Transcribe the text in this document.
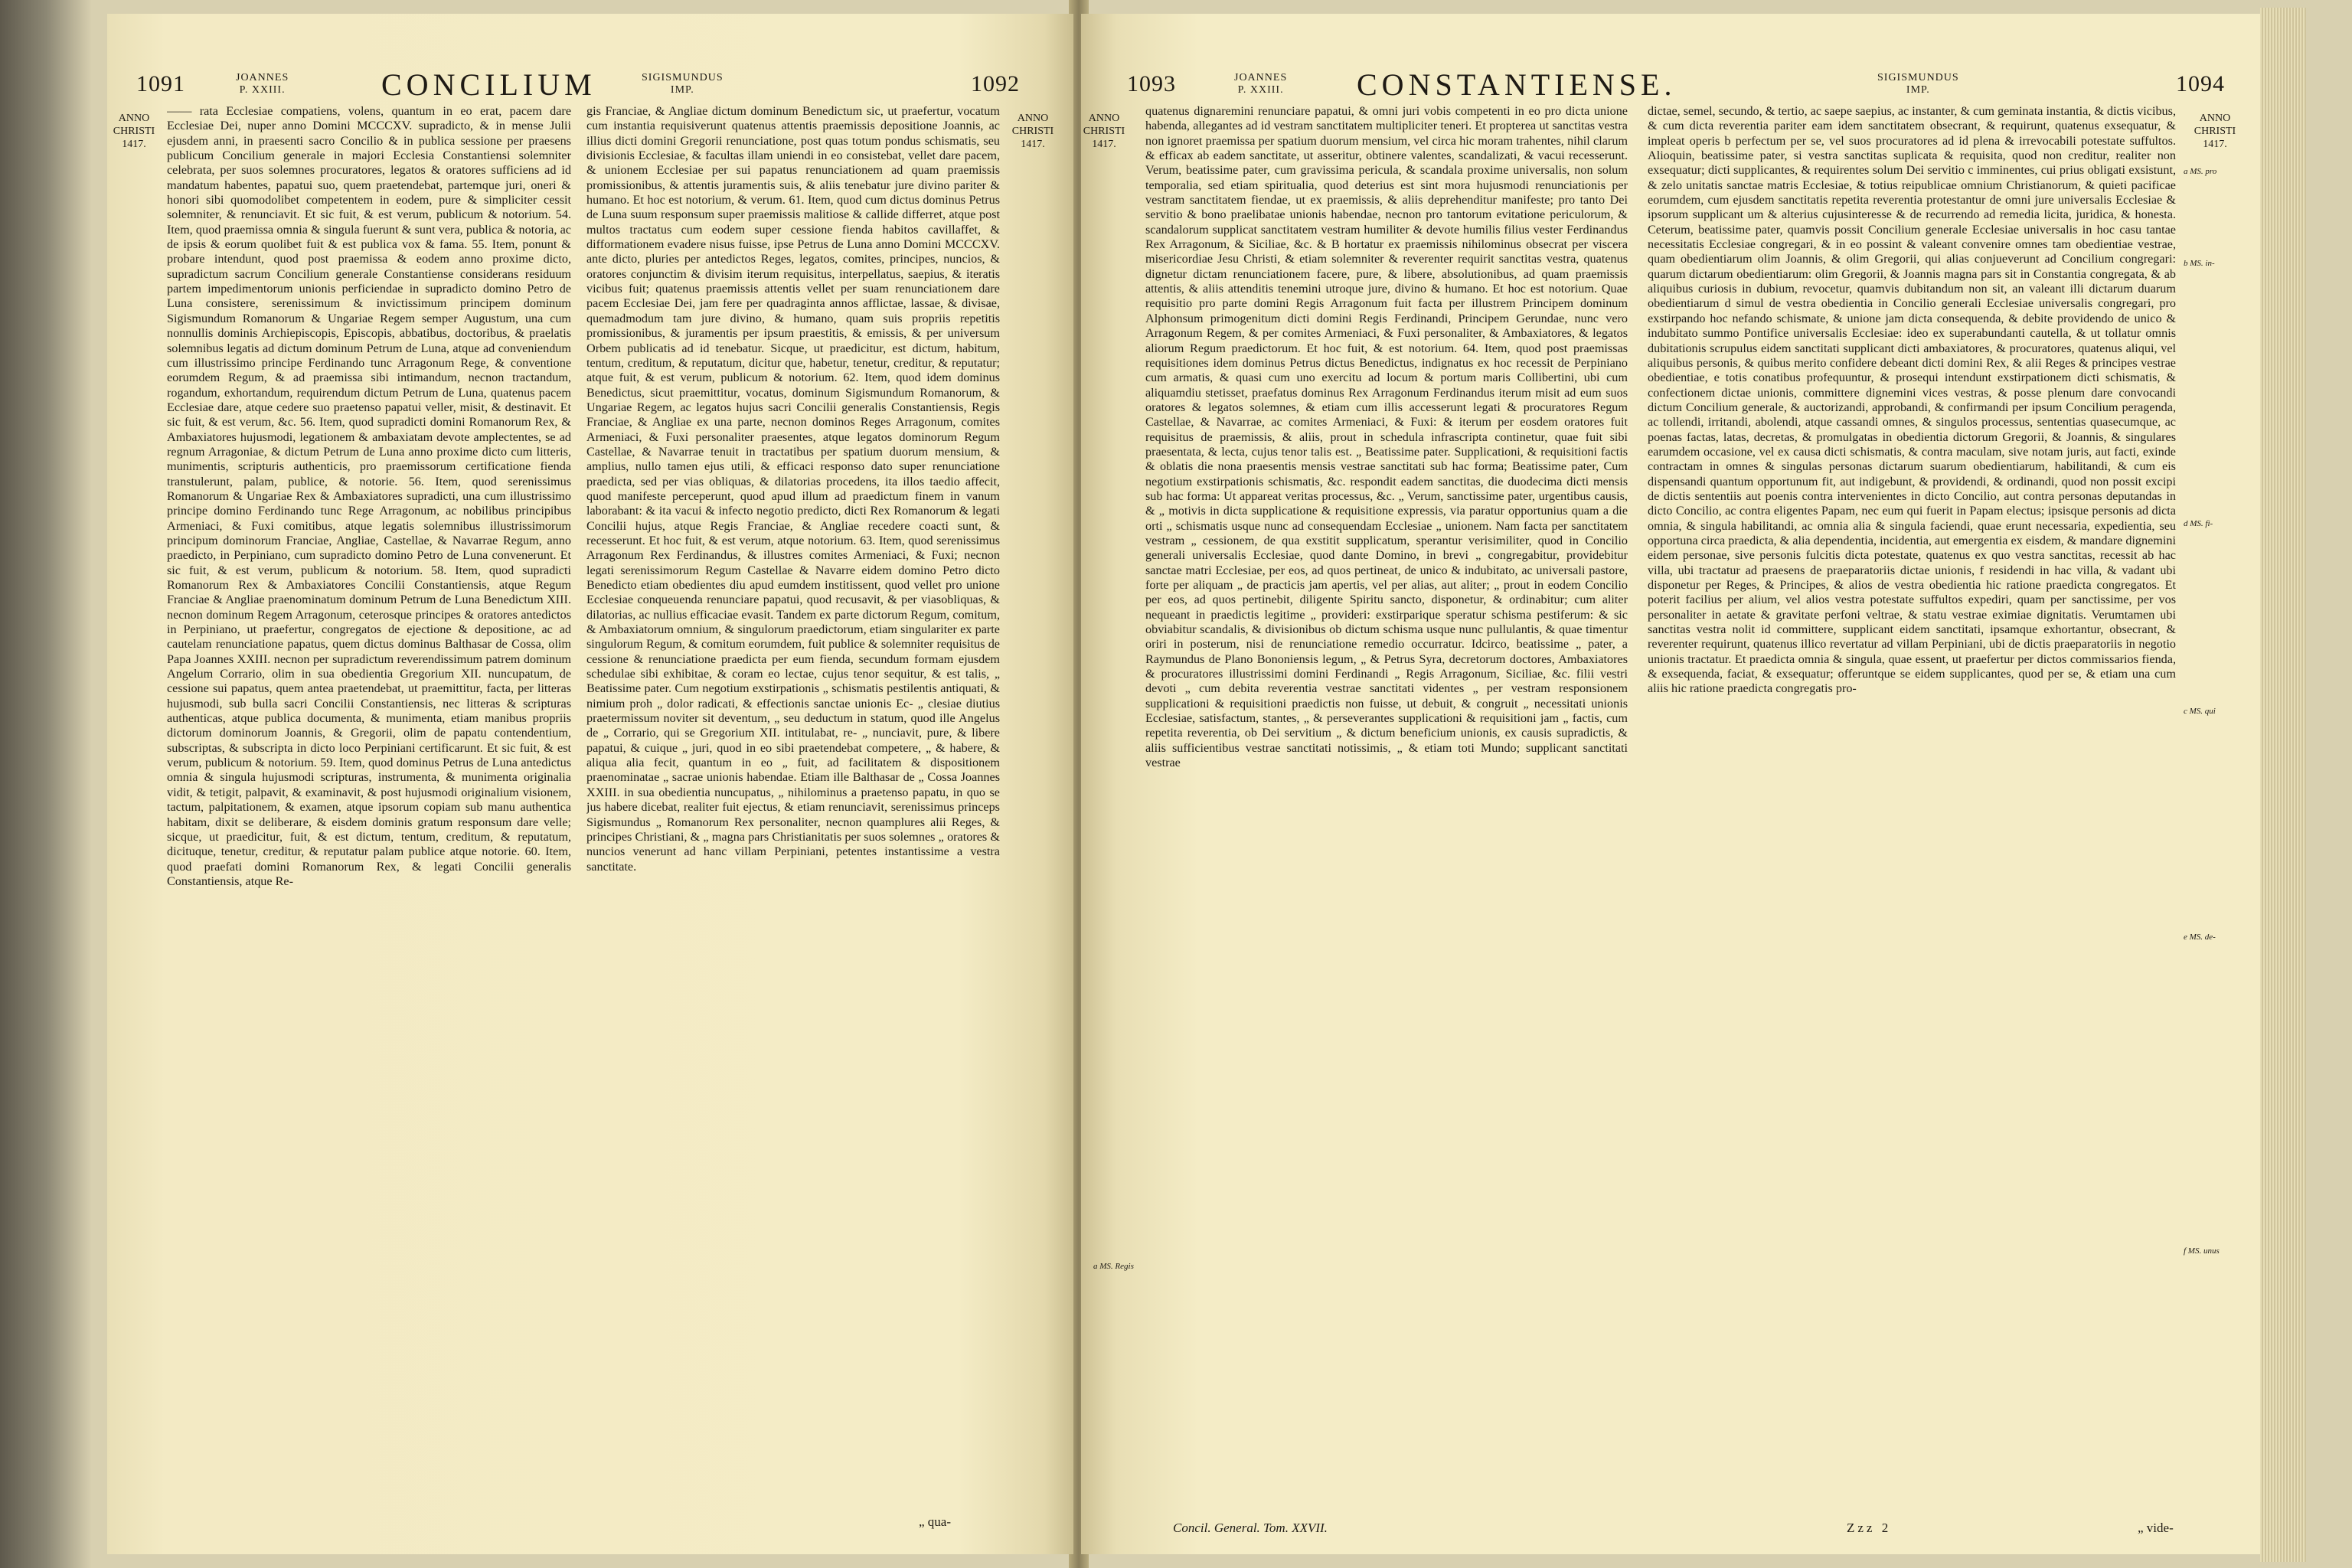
1091	JOANNES
P. XXIII.	CONCILIUM	SIGISMUNDUS
IMP.	1092
ANNO
CHRISTI
1417.
ANNO
CHRISTI
1417.
—— rata Ecclesiae compatiens, volens, quantum in eo erat, pacem dare Ecclesiae Dei, nuper anno Domini MCCCXV. supradicto, & in mense Julii ejusdem anni, in praesenti sacro Concilio & in publica sessione per praesens publicum Concilium generale in majori Ecclesia Constantiensi solemniter celebrata, per suos solemnes procuratores, legatos & oratores sufficiens ad id mandatum habentes, papatui suo, quem praetendebat, partemque juri, oneri & honori sibi quomodolibet competentem in eodem, pure & simpliciter cessit solemniter, & renunciavit. Et sic fuit, & est verum, publicum & notorium. 54. Item, quod praemissa omnia & singula fuerunt & sunt vera, publica & notoria, ac de ipsis & eorum quolibet fuit & est publica vox & fama. 55. Item, ponunt & probare intendunt, quod post praemissa & eodem anno proxime dicto, supradictum sacrum Concilium generale Constantiense considerans residuum partem impedimentorum unionis perficiendae in supradicto domino Petro de Luna consistere, serenissimum & invictissimum principem dominum Sigismundum Romanorum & Ungariae Regem semper Augustum, una cum nonnullis dominis Archiepiscopis, Episcopis, abbatibus, doctoribus, & praelatis solemnibus legatis ad dictum dominum Petrum de Luna, atque ad conveniendum cum illustrissimo principe Ferdinando tunc Arragonum Rege, & conventione eorumdem Regum, & ad praemissa sibi intimandum, necnon tractandum, rogandum, exhortandum, requirendum dictum Petrum de Luna, quatenus pacem Ecclesiae dare, atque cedere suo praetenso papatui veller, misit, & destinavit. Et sic fuit, & est verum, &c. 56. Item, quod supradicti domini Romanorum Rex, & Ambaxiatores hujusmodi, legationem & ambaxiatam devote amplectentes, se ad regnum Arragoniae, & dictum Petrum de Luna anno proxime dicto cum litteris, munimentis, scripturis authenticis, pro praemissorum certificatione fienda transtulerunt, palam, publice, & notorie. 56. Item, quod serenissimus Romanorum & Ungariae Rex & Ambaxiatores supradicti, una cum illustrissimo principe domino Ferdinando tunc Rege Arragonum, ac nobilibus principibus Armeniaci, & Fuxi comitibus, atque legatis solemnibus illustrissimorum principum dominorum Franciae, Angliae, Castellae, & Navarrae Regum, anno praedicto, in Perpiniano, cum supradicto domino Petro de Luna convenerunt. Et sic fuit, & est verum, publicum & notorium. 58. Item, quod supradicti Romanorum Rex & Ambaxiatores Concilii Constantiensis, atque Regum Franciae & Angliae praenominatum dominum Petrum de Luna Benedictum XIII. necnon dominum Regem Arragonum, ceterosque principes & oratores antedictos in Perpiniano, ut praefertur, congregatos de ejectione & depositione, ac ad cautelam renunciatione papatus, quem dictus dominus Balthasar de Cossa, olim Papa Joannes XXIII. necnon per supradictum reverendissimum patrem dominum Angelum Corrario, olim in sua obedientia Gregorium XII. nuncupatum, de cessione sui papatus, quem antea praetendebat, ut praemittitur, facta, per litteras hujusmodi, sub bulla sacri Concilii Constantiensis, nec litteras & scripturas authenticas, atque publica documenta, & munimenta, etiam manibus propriis dictorum dominorum Joannis, & Gregorii, olim de papatu contendentium, subscriptas, & subscripta in dicto loco Perpiniani certificarunt. Et sic fuit, & est verum, publicum & notorium. 59. Item, quod dominus Petrus de Luna antedictus omnia & singula hujusmodi scripturas, instrumenta, & munimenta originalia vidit, & tetigit, palpavit, & examinavit, & post hujusmodi originalium visionem, tactum, palpitationem, & examen, atque ipsorum copiam sub manu authentica habitam, dixit se deliberare, & eisdem dominis gratum responsum dare velle; sicque, ut praedicitur, fuit, & est dictum, tentum, creditum, & reputatum, dicituque, tenetur, creditur, & reputatur palam publice atque notorie. 60. Item, quod praefati domini Romanorum Rex, & legati Concilii generalis Constantiensis, atque Re-
gis Franciae, & Angliae dictum dominum Benedictum sic, ut praefertur, vocatum cum instantia requisiverunt quatenus attentis praemissis depositione Joannis, ac illius dicti domini Gregorii renunciatione, post quas totum pondus schismatis, seu divisionis Ecclesiae, & facultas illam uniendi in eo consistebat, vellet dare pacem, & unionem Ecclesiae per sui papatus renunciationem ad quam praemissis promissionibus, & attentis juramentis suis, & aliis tenebatur jure divino pariter & humano. Et hoc est notorium, & verum. 61. Item, quod cum dictus dominus Petrus de Luna suum responsum super praemissis malitiose & callide differret, atque post multos tractatus cum eodem super cessione fienda habitos cavillaffet, & difformationem evadere nisus fuisse, ipse Petrus de Luna anno Domini MCCCXV. ante dicto, pluries per antedictos Reges, legatos, comites, principes, nuncios, & oratores conjunctim & divisim iterum requisitus, interpellatus, saepius, & iteratis vicibus fuit; quatenus praemissis attentis vellet per suam renunciationem dare pacem Ecclesiae Dei, jam fere per quadraginta annos afflictae, lassae, & divisae, quemadmodum tam jure divino, & humano, quam suis propriis repetitis promissionibus, & juramentis per ipsum praestitis, & emissis, & per universum Orbem publicatis ad id tenebatur. Sicque, ut praedicitur, est dictum, habitum, tentum, creditum, & reputatum, dicitur que, habetur, tenetur, creditur, & reputatur; atque fuit, & est verum, publicum & notorium. 62. Item, quod idem dominus Benedictus, sicut praemittitur, vocatus, dominum Sigismundum Romanorum, & Ungariae Regem, ac legatos hujus sacri Concilii generalis Constantiensis, Regis Franciae, & Angliae ex una parte, necnon dominos Reges Arragonum, comites Armeniaci, & Fuxi personaliter praesentes, atque legatos dominorum Regum Castellae, & Navarrae tenuit in tractatibus per spatium duorum mensium, & amplius, nullo tamen ejus utili, & efficaci responso dato super renunciatione praedicta, sed per vias obliquas, & dilatorias procedens, ita illos taedio affecit, quod manifeste perceperunt, quod apud illum ad praedictum finem in vanum laborabant: & ita vacui & infecto negotio predicto, dicti Rex Romanorum & legati Concilii hujus, atque Regis Franciae, & Angliae recedere coacti sunt, & recesserunt. Et hoc fuit, & est verum, atque notorium. 63. Item, quod serenissimus Arragonum Rex Ferdinandus, & illustres comites Armeniaci, & Fuxi; necnon legati serenissimorum Regum Castellae & Navarre eidem domino Petro dicto Benedicto etiam obedientes diu apud eumdem institissent, quod vellet pro unione Ecclesiae conqueuenda renunciare papatui, quod recusavit, & per viasobliquas, & dilatorias, ac nullius efficaciae evasit. Tandem ex parte dictorum Regum, comitum, & Ambaxiatorum omnium, & singulorum praedictorum, etiam singulariter ex parte singulorum Regum, & comitum eorumdem, fuit publice & solemniter requisitus de cessione & renunciatione praedicta per eum fienda, secundum formam ejusdem schedulae sibi exhibitae, & coram eo lectae, cujus tenor sequitur, & est talis, „ Beatissime pater. Cum negotium exstirpationis „ schismatis pestilentis antiquati, & nimium proh „ dolor radicati, & effectionis sanctae unionis Ec- „ clesiae diutius praetermissum noviter sit deventum, „ seu deductum in statum, quod ille Angelus de „ Corrario, qui se Gregorium XII. intitulabat, re- „ nunciavit, pure, & libere papatui, & cuique „ juri, quod in eo sibi praetendebat competere, „ & habere, & aliqua alia fecit, quantum in eo „ fuit, ad facilitatem & dispositionem praenominatae „ sacrae unionis habendae. Etiam ille Balthasar de „ Cossa Joannes XXIII. in sua obedientia nuncupatus, „ nihilominus a praetenso papatu, in quo se jus habere dicebat, realiter fuit ejectus, & etiam renunciavit, serenissimus princeps Sigismundus „ Romanorum Rex personaliter, necnon quamplures alii Reges, & principes Christiani, & „ magna pars Christianitatis per suos solemnes „ oratores & nuncios venerunt ad hanc villam Perpiniani, petentes instantissime a vestra sanctitate.
„ qua-
1093	JOANNES
P. XXIII. CONSTANTIENSE.	SIGISMUNDUS
IMP.	1094
ANNO
CHRISTI
1417.
ANNO
CHRISTI
1417.
a MS. pro
b MS. in-
c MS. qui
d MS. fi-
e MS. de-
f MS. unus
a MS. Regis
quatenus dignaremini renunciare papatui, & omni juri vobis competenti in eo pro dicta unione habenda, allegantes ad id vestram sanctitatem multipliciter teneri. Et propterea ut sanctitas vestra non ignoret praemissa per spatium duorum mensium, vel circa hic moram trahentes, nihil clarum & efficax ab eadem sanctitate, ut asseritur, obtinere valentes, scandalizati, & vacui recesserunt. Verum, beatissime pater, cum gravissima pericula, & scandala proxime universalis, non solum temporalia, sed etiam spiritualia, quod deterius est sint mora hujusmodi renunciationis per vestram sanctitatem fiendae, ut ex praemissis, & aliis deprehenditur manifeste; pro tanto Dei servitio & bono praelibatae unionis habendae, necnon pro tantorum evitatione periculorum, & scandalorum supplicat sanctitatem vestram humiliter & devote humilis filius vester Ferdinandus Rex Arragonum, & Siciliae, &c. & B hortatur ex praemissis nihilominus obsecrat per viscera misericordiae Jesu Christi, & etiam solemniter & reverenter requirit sanctitas vestra, quatenus dignetur dictam renunciationem facere, pure, & libere, absolutionibus, ad quam praemissis attentis, & aliis attenditis tenemini utroque jure, divino & humano. Et hoc est notorium. Quae requisitio pro parte domini Regis Arragonum fuit facta per illustrem Principem dominum Alphonsum primogenitum dicti domini Regis Ferdinandi, Principem Gerundae, nunc vero Arragonum Regem, & per comites Armeniaci, & Fuxi personaliter, & Ambaxiatores, & legatos aliorum Regum praedictorum. Et hoc fuit, & est notorium. 64. Item, quod post praemissas requisitiones idem dominus Petrus dictus Benedictus, indignatus ex hoc recessit de Perpiniano cum armatis, & quasi cum uno exercitu ad locum & portum maris Collibertini, ubi cum aliquamdiu stetisset, praefatus dominus Rex Arragonum Ferdinandus iterum misit ad eum suos oratores & legatos solemnes, & etiam cum illis accesserunt legati & procuratores Regum Castellae, & Navarrae, ac comites Armeniaci, & Fuxi: & iterum per eosdem oratores fuit requisitus de praemissis, & aliis, prout in schedula infrascripta continetur, quae fuit sibi praesentata, & lecta, cujus tenor talis est. „ Beatissime pater. Supplicationi, & requisitioni factis & oblatis die nona praesentis mensis vestrae sanctitati sub hac forma; Beatissime pater, Cum negotium exstirpationis schismatis, &c. respondit eadem sanctitas, die duodecima dicti mensis sub hac forma: Ut appareat veritas processus, &c. „ Verum, sanctissime pater, urgentibus causis, & „ motivis in dicta supplicatione & requisitione expressis, via paratur opportunius quam a die orti „ schismatis usque nunc ad consequendam Ecclesiae „ unionem. Nam facta per sanctitatem vestram „ cessionem, de qua exstitit supplicatum, sperantur verisimiliter, quod in Concilio generali universalis Ecclesiae, quod dante Domino, in brevi „ congregabitur, providebitur sanctae matri Ecclesiae, per eos, ad quos pertineat, de unico & indubitato, ac universali pastore, forte per aliquam „ de practicis jam apertis, vel per alias, aut aliter; „ prout in eodem Concilio per eos, ad quos pertinebit, diligente Spiritu sancto, disponetur, & ordinabitur; cum aliter nequeant in praedictis legitime „ provideri: exstirparique speratur schisma pestiferum: & sic obviabitur scandalis, & divisionibus ob dictum schisma usque nunc pullulantis, & quae timentur oriri in posterum, nisi de renunciatione remedio occurratur. Idcirco, beatissime „ pater, a Raymundus de Plano Bononiensis legum, „ & Petrus Syra, decretorum doctores, Ambaxiatores & procuratores illustrissimi domini Ferdinandi „ Regis Arragonum, Siciliae, &c. filii vestri devoti „ cum debita reverentia vestrae sanctitati videntes „ per vestram responsionem supplicationi & requisitioni praedictis non fuisse, ut debuit, & congruit „ necessitati unionis Ecclesiae, satisfactum, stantes, „ & perseverantes supplicationi & requisitioni jam „ factis, cum repetita reverentia, ob Dei servitium „ & dictum beneficium unionis, ex causis supradictis, & aliis sufficientibus vestrae sanctitati notissimis, „ & etiam toti Mundo; supplicant sanctitati vestrae
dictae, semel, secundo, & tertio, ac saepe saepius, ac instanter, & cum geminata instantia, & dictis vicibus, & cum dicta reverentia pariter eam idem sanctitatem obsecrant, & requirunt, quatenus exsequatur, & impleat operis b perfectum per se, vel suos procuratores ad id plena & irrevocabili potestate suffultos. Alioquin, beatissime pater, si vestra sanctitas suplicata & requisita, quod non creditur, realiter non exsequatur; dicti supplicantes, & requirentes solum Dei servitio c imminentes, cui prius obligati exsistunt, & zelo unitatis sanctae matris Ecclesiae, & totius reipublicae omnium Christianorum, & quieti pacificae eorumdem, cum ejusdem sanctitatis repetita reverentia protestantur de omni jure universalis Ecclesiae & ipsorum supplicant um & alterius cujusinteresse & de recurrendo ad remedia licita, juridica, & honesta. Ceterum, beatissime pater, quamvis possit Concilium generale Ecclesiae universalis in hoc casu tantae necessitatis Ecclesiae congregari, & in eo possint & valeant convenire omnes tam obedientiae vestrae, quam obedientiarum olim Joannis, & olim Gregorii, qui alias conjueverunt ad Concilium congregari: quarum dictarum obedientiarum: olim Gregorii, & Joannis magna pars sit in Constantia congregata, & ab aliquibus curiosis in dubium, revocetur, quamvis dubitandum non sit, an valeant illi dictarum duarum obedientiarum d simul de vestra obedientia in Concilio generali Ecclesiae universalis congregari, pro exstirpando hoc nefando schismate, & unione jam dicta consequenda, & debite providendo de unico & indubitato summo Pontifice universalis Ecclesiae: ideo ex superabundanti cautella, & ut tollatur omnis dubitationis scrupulus eidem sanctitati supplicant dicti ambaxiatores, & procuratores, quatenus aliqui, vel aliquibus personis, & quibus merito confidere debeant dicti domini Rex, & alii Reges & principes vestrae obedientiae, e totis conatibus profequuntur, & prosequi intendunt exstirpationem dicti schismatis, & confectionem dictae unionis, committere dignemini vices vestras, & posse plenum dare convocandi dictum Concilium generale, & auctorizandi, approbandi, & confirmandi per ipsum Concilium peragenda, ac tollendi, irritandi, abolendi, atque cassandi omnes, & singulos processus, sententias quasecumque, ac poenas factas, latas, decretas, & promulgatas in obedientia dictorum Gregorii, & Joannis, & singulares earumdem occasione, vel ex causa dicti schismatis, & contra maculam, sive notam juris, aut facti, exinde contractam in omnes & singulas personas dictarum suarum obedientiarum, habilitandi, & cum eis dispensandi quantum opportunum fit, aut indigebunt, & providendi, & ordinandi, quod non possit excipi de dictis sententiis aut poenis contra intervenientes in dicto Concilio, aut contra personas deputandas in dicto Concilio, ac contra eligentes Papam, nec eum qui fuerit in Papam electus; ipsisque personis ad dicta omnia, & singula habilitandi, ac omnia alia & singula faciendi, quae erunt necessaria, expedientia, seu opportuna circa praedicta, & alia dependentia, incidentia, aut emergentia ex eisdem, & mandare dignemini eidem personae, sive personis fulcitis dicta potestate, quatenus ex quo vestra sanctitas, recessit ab hac villa, ubi tractatur ad praesens de praeparatoriis dictae unionis, f residendi in hac villa, & vadant ubi disponetur per Reges, & Principes, & alios de vestra obedientia hic ratione praedicta congregatos. Et poterit facilius per alium, vel alios vestra potestate suffultos expediri, quam per sanctissime, per vos personaliter in aetate & gravitate perfoni veltrae, & statu vestrae eximiae dignitatis. Verumtamen ubi sanctitas vestra nolit id committere, supplicant eidem sanctitati, ipsamque exhortantur, obsecrant, & reverenter requirunt, quatenus illico revertatur ad villam Perpiniani, ubi de dictis praeparatoriis in negotio unionis tractatur. Et praedicta omnia & singula, quae essent, ut praefertur per dictos commissarios fienda, & exsequenda, faciat, & exsequatur; offeruntque se eidem supplicantes, quod per se, & etiam una cum aliis hic ratione praedicta congregatis pro-
Concil. General. Tom. XXVII.	Zzz 2	„ vide-
